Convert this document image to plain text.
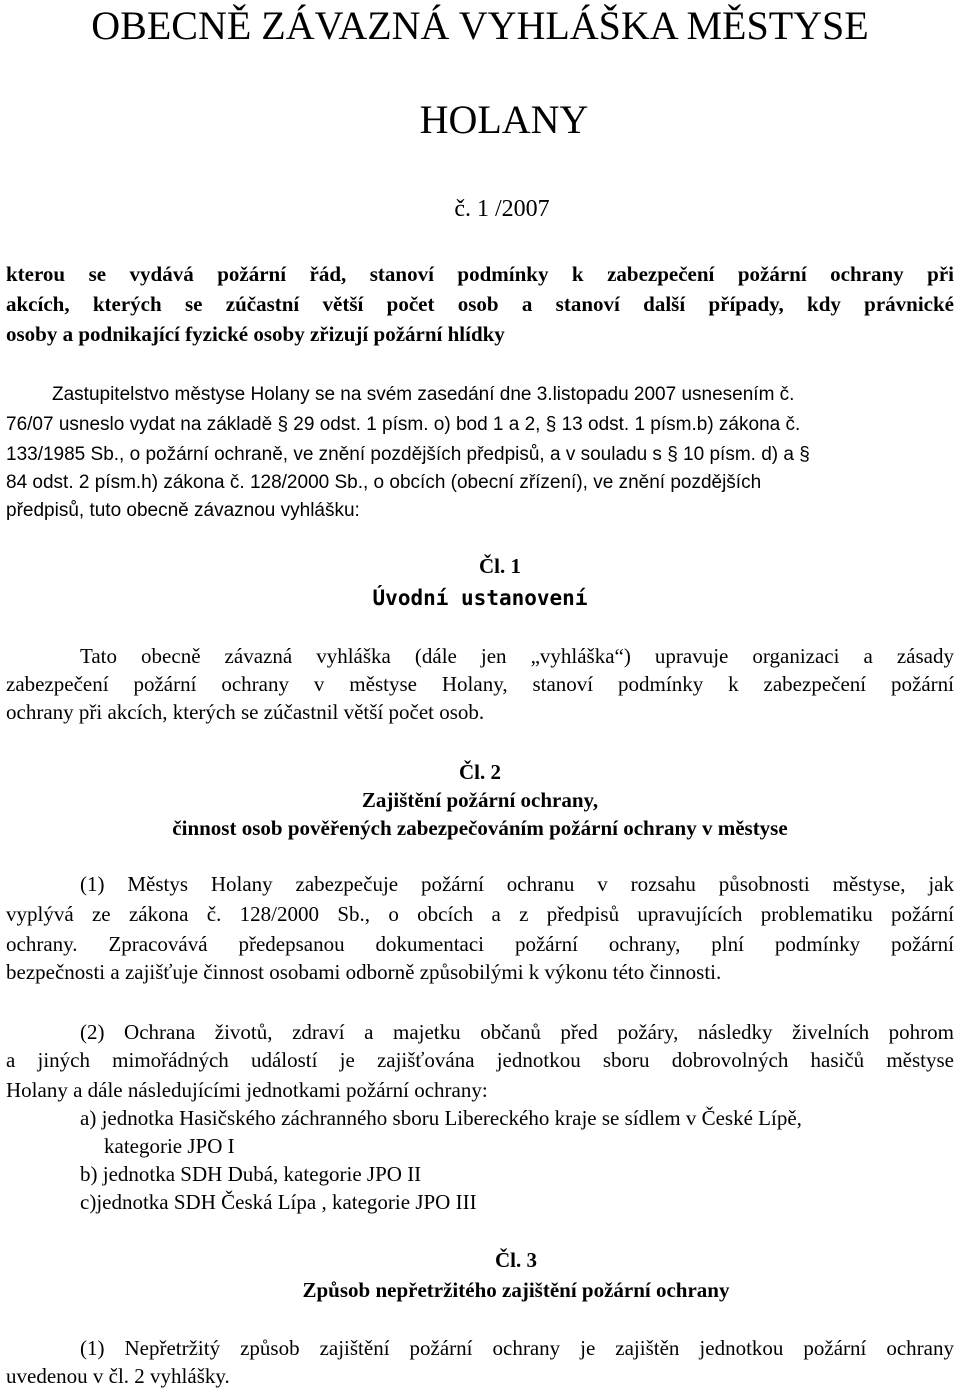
OBECNĚ ZÁVAZNÁ VYHLÁŠKA MĚSTYSE
HOLANY
č. 1 /2007
kterou se vydává požární řád, stanoví podmínky k zabezpečení požární ochrany při
akcích, kterých se zúčastní větší počet osob a stanoví další případy, kdy právnické
osoby a podnikající fyzické osoby zřizují požární hlídky
Zastupitelstvo městyse Holany se na svém zasedání dne 3.listopadu 2007 usnesením č.
76/07 usneslo vydat na základě § 29 odst. 1 písm. o) bod 1 a 2, § 13 odst. 1 písm.b) zákona č.
133/1985 Sb., o požární ochraně, ve znění pozdějších předpisů, a v souladu s § 10 písm. d) a §
84 odst. 2 písm.h) zákona č. 128/2000 Sb., o obcích (obecní zřízení), ve znění pozdějších
předpisů, tuto obecně závaznou vyhlášku:
Čl. 1
Úvodní ustanovení
Tato obecně závazná vyhláška (dále jen „vyhláška“) upravuje organizaci a zásady
zabezpečení požární ochrany v městyse Holany, stanoví podmínky k zabezpečení požární
ochrany při akcích, kterých se zúčastnil větší počet osob.
Čl. 2
Zajištění požární ochrany,
činnost osob pověřených zabezpečováním požární ochrany v městyse
(1) Městys Holany zabezpečuje požární ochranu v rozsahu působnosti městyse, jak
vyplývá ze zákona č. 128/2000 Sb., o obcích a z předpisů upravujících problematiku požární
ochrany. Zpracovává předepsanou dokumentaci požární ochrany, plní podmínky požární
bezpečnosti a zajišťuje činnost osobami odborně způsobilými k výkonu této činnosti.
(2) Ochrana životů, zdraví a majetku občanů před požáry, následky živelních pohrom
a jiných mimořádných událostí je zajišťována jednotkou sboru dobrovolných hasičů městyse
Holany a dále následujícími jednotkami požární ochrany:
a) jednotka Hasičského záchranného sboru Libereckého kraje se sídlem v České Lípě,
kategorie JPO I
b) jednotka SDH Dubá, kategorie JPO II
c)jednotka SDH Česká Lípa , kategorie JPO III
Čl. 3
Způsob nepřetržitého zajištění požární ochrany
(1) Nepřetržitý způsob zajištění požární ochrany je zajištěn jednotkou požární ochrany
uvedenou v čl. 2 vyhlášky.
